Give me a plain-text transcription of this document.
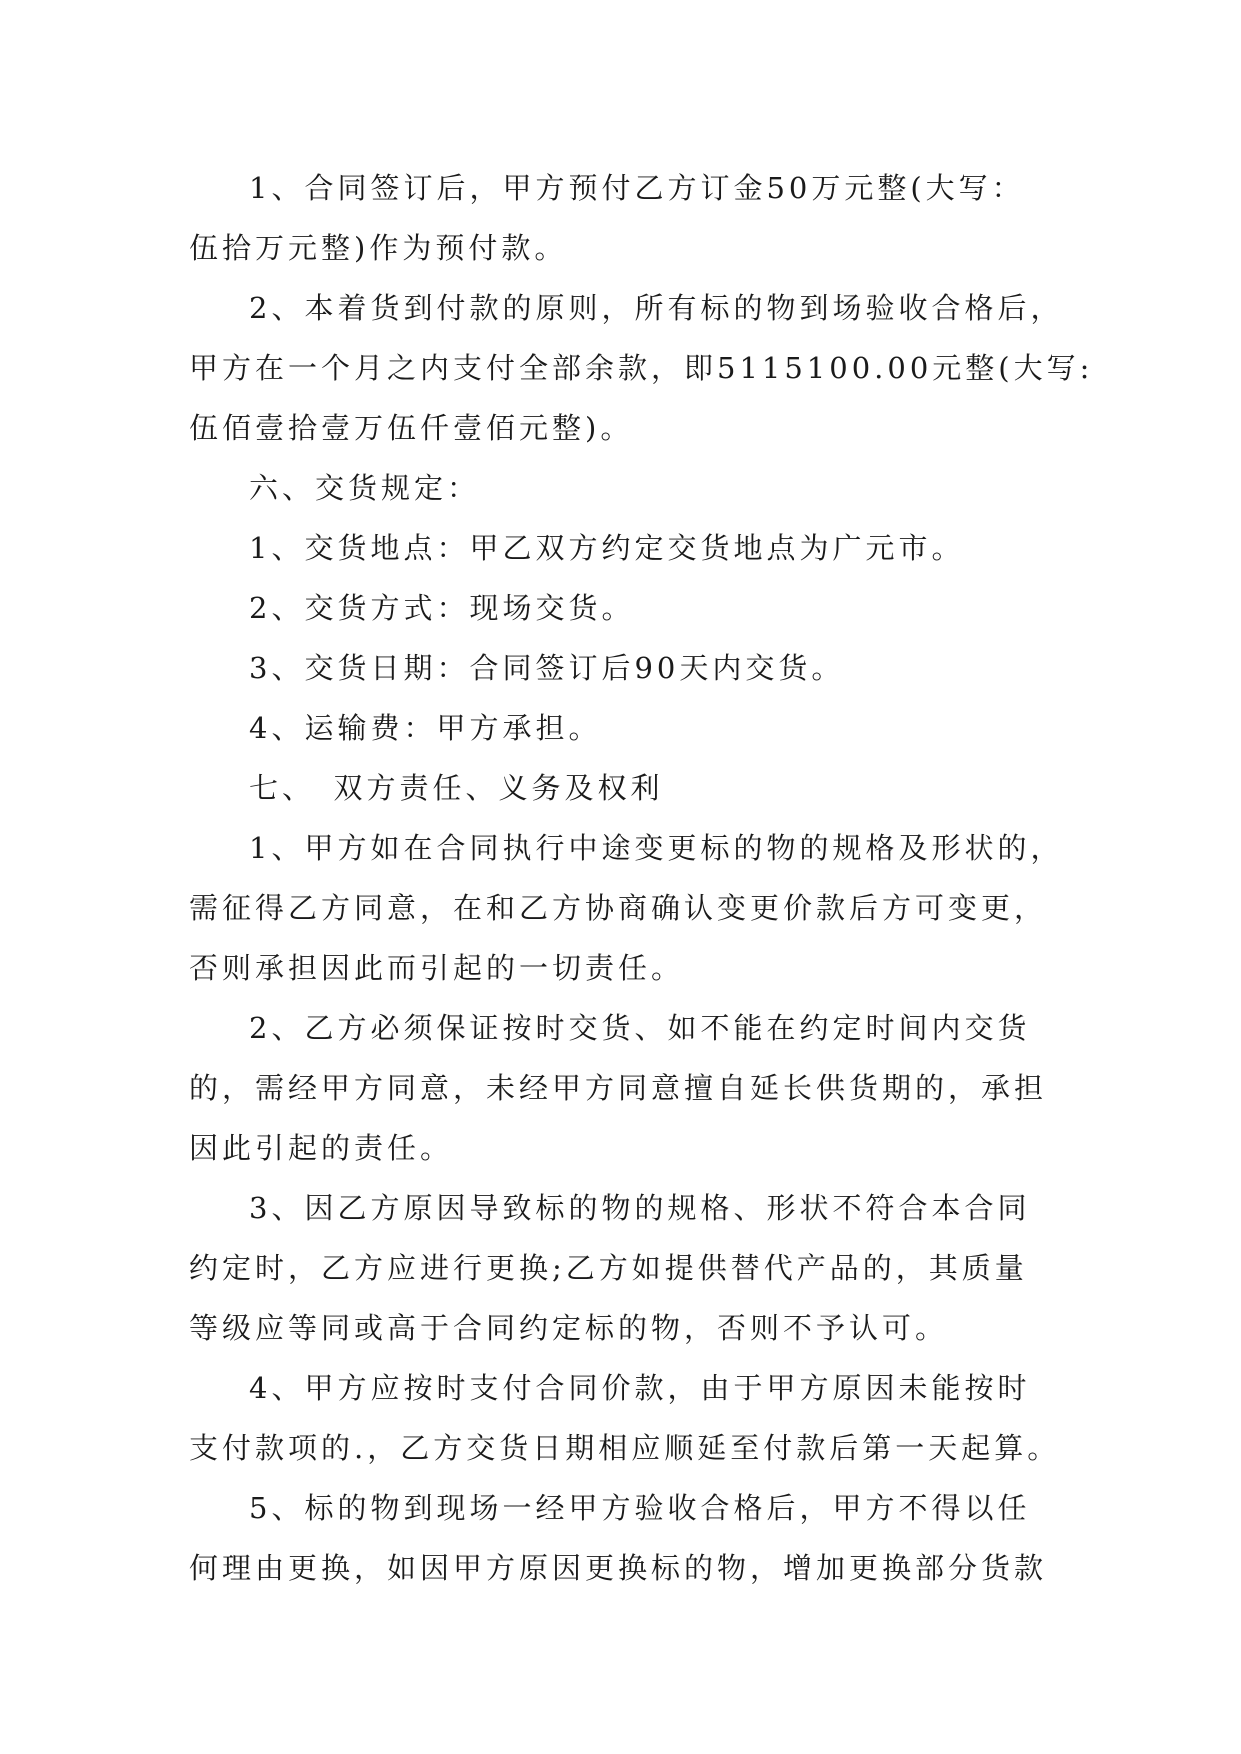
1、合同签订后，甲方预付乙方订金50万元整(大写：
伍拾万元整)作为预付款。
2、本着货到付款的原则，所有标的物到场验收合格后，
甲方在一个月之内支付全部余款，即5115100.00元整(大写:
伍佰壹拾壹万伍仟壹佰元整)。
六、交货规定：
1、交货地点：甲乙双方约定交货地点为广元市。
2、交货方式：现场交货。
3、交货日期：合同签订后90天内交货。
4、运输费：甲方承担。
七、　双方责任、义务及权利
1、甲方如在合同执行中途变更标的物的规格及形状的，
需征得乙方同意，在和乙方协商确认变更价款后方可变更，
否则承担因此而引起的一切责任。
2、乙方必须保证按时交货、如不能在约定时间内交货
的，需经甲方同意，未经甲方同意擅自延长供货期的，承担
因此引起的责任。
3、因乙方原因导致标的物的规格、形状不符合本合同
约定时，乙方应进行更换;乙方如提供替代产品的，其质量
等级应等同或高于合同约定标的物，否则不予认可。
4、甲方应按时支付合同价款，由于甲方原因未能按时
支付款项的.，乙方交货日期相应顺延至付款后第一天起算。
5、标的物到现场一经甲方验收合格后，甲方不得以任
何理由更换，如因甲方原因更换标的物，增加更换部分货款
